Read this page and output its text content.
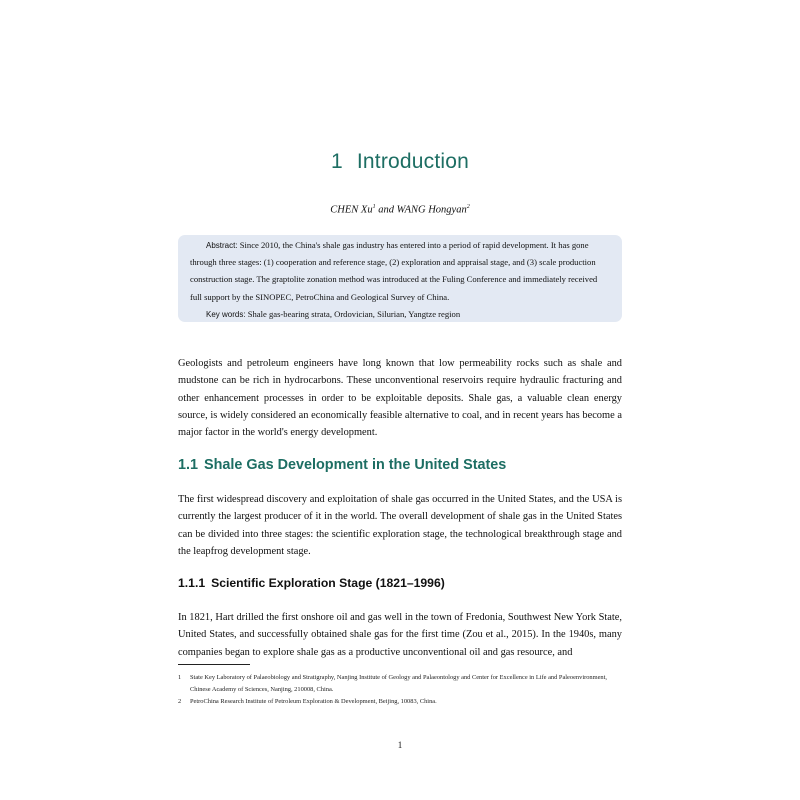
1 Introduction
CHEN Xu$^1$ and WANG Hongyan$^2$

Abstract: Since 2010, the China's shale gas industry has entered into a period of rapid development. It has gone through three stages: (1) cooperation and reference stage, (2) exploration and appraisal stage, and (3) scale production construction stage. The graptolite zonation method was introduced at the Fuling Conference and immediately received full support by the SINOPEC, PetroChina and Geological Survey of China.

Key words: Shale gas-bearing strata, Ordovician, Silurian, Yangtze region

Geologists and petroleum engineers have long known that low permeability rocks such as shale and mudstone can be rich in hydrocarbons. These unconventional reservoirs require hydraulic fracturing and other enhancement processes in order to be exploitable deposits. Shale gas, a valuable clean energy source, is widely considered an economically feasible alternative to coal, and in recent years has become a major factor in the world's energy development.

1.1 Shale Gas Development in the United States

The first widespread discovery and exploitation of shale gas occurred in the United States, and the USA is currently the largest producer of it in the world. The overall development of shale gas in the United States can be divided into three stages: the scientific exploration stage, the technological breakthrough stage and the leapfrog development stage.

1.1.1 Scientific Exploration Stage (1821–1996)

In 1821, Hart drilled the first onshore oil and gas well in the town of Fredonia, Southwest New York State, United States, and successfully obtained shale gas for the first time (Zou et al., 2015). In the 1940s, many companies began to explore shale gas as a productive unconventional oil and gas resource, and

1	State Key Laboratory of Palaeobiology and Stratigraphy, Nanjing Institute of Geology and Palaeontology and Center for Excellence in Life and Paleoenvironment, Chinese Academy of Sciences, Nanjing, 210008, China.

2	PetroChina Research Institute of Petroleum Exploration & Development, Beijing, 10083, China.

1
